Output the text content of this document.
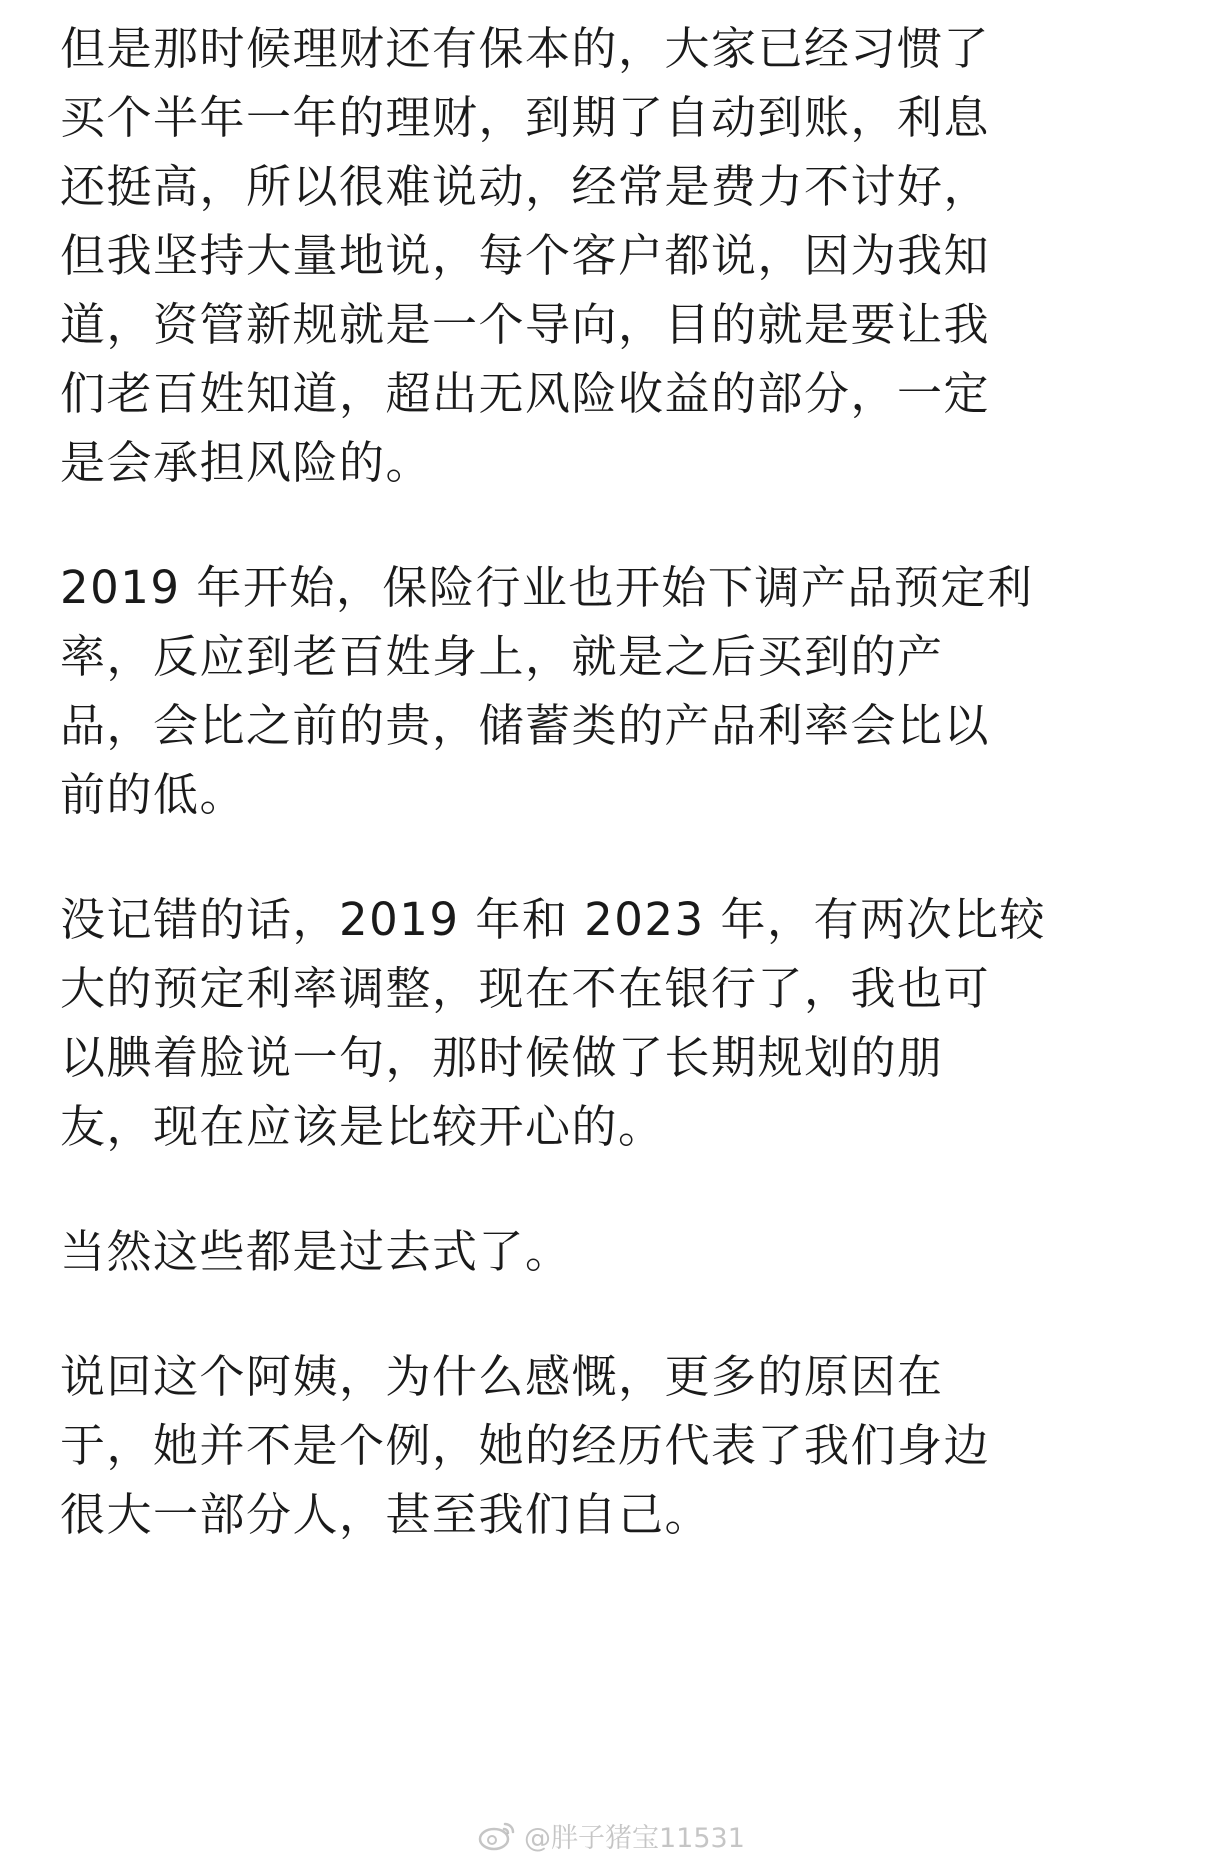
但是那时候理财还有保本的，大家已经习惯了
买个半年一年的理财，到期了自动到账，利息
还挺高，所以很难说动，经常是费力不讨好，
但我坚持大量地说，每个客户都说，因为我知
道，资管新规就是一个导向，目的就是要让我
们老百姓知道，超出无风险收益的部分，一定
是会承担风险的。

2019 年开始，保险行业也开始下调产品预定利
率，反应到老百姓身上，就是之后买到的产
品，会比之前的贵，储蓄类的产品利率会比以
前的低。

没记错的话，2019 年和 2023 年，有两次比较
大的预定利率调整，现在不在银行了，我也可
以腆着脸说一句，那时候做了长期规划的朋
友，现在应该是比较开心的。

当然这些都是过去式了。

说回这个阿姨，为什么感慨，更多的原因在
于，她并不是个例，她的经历代表了我们身边
很大一部分人，甚至我们自己。

@胖子猪宝11531
